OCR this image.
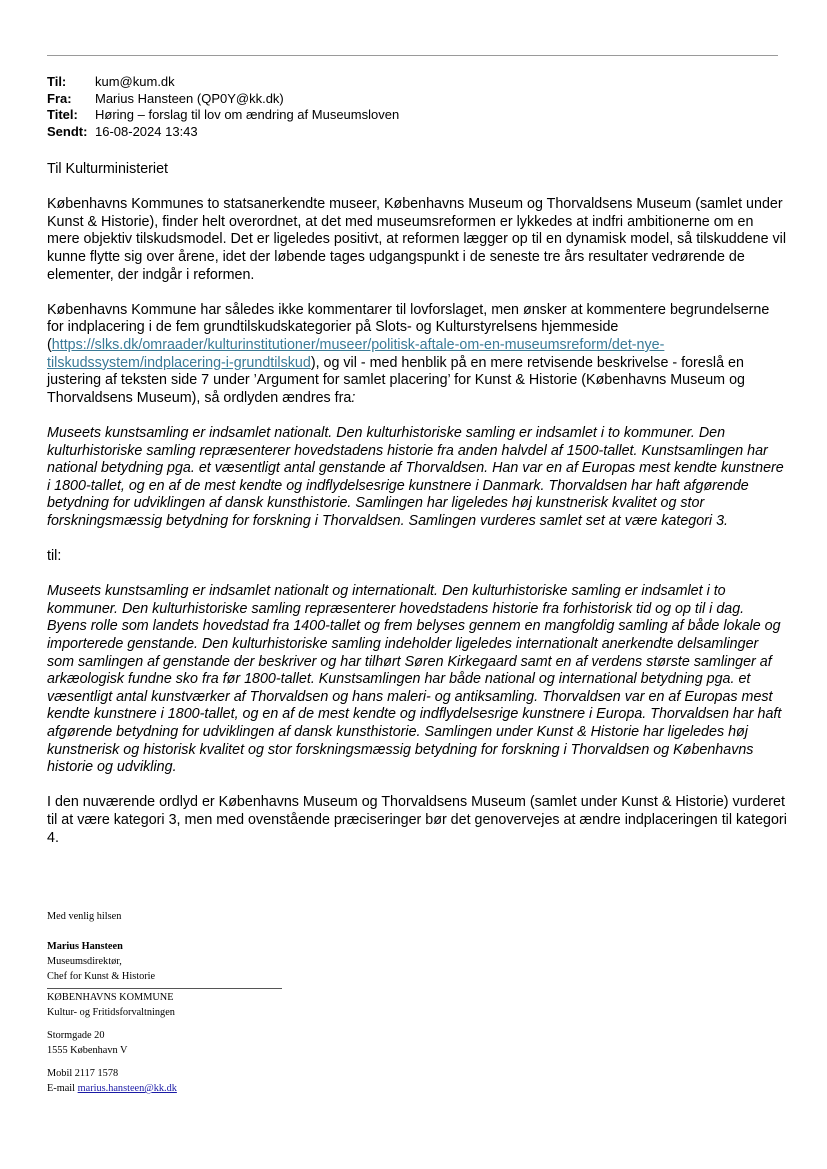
Til:	kum@kum.dk
Fra:	Marius Hansteen (QP0Y@kk.dk)
Titel:	Høring – forslag til lov om ændring af Museumsloven
Sendt: 16-08-2024 13:43

Til Kulturministeriet

Københavns Kommunes to statsanerkendte museer, Københavns Museum og Thorvaldsens Museum (samlet under Kunst & Historie), finder helt overordnet, at det med museumsreformen er lykkedes at indfri ambitionerne om en mere objektiv tilskudsmodel. Det er ligeledes positivt, at reformen lægger op til en dynamisk model, så tilskuddene vil kunne flytte sig over årene, idet der løbende tages udgangspunkt i de seneste tre års resultater vedrørende de elementer, der indgår i reformen.

Københavns Kommune har således ikke kommentarer til lovforslaget, men ønsker at kommentere begrundelserne for indplacering i de fem grundtilskudskategorier på Slots- og Kulturstyrelsens hjemmeside (https://slks.dk/omraader/kulturinstitutioner/museer/politisk-aftale-om-en-museumsreform/det-nye-tilskudssystem/indplacering-i-grundtilskud), og vil - med henblik på en mere retvisende beskrivelse - foreslå en justering af teksten side 7 under ’Argument for samlet placering’ for Kunst & Historie (Københavns Museum og Thorvaldsens Museum), så ordlyden ændres fra:

Museets kunstsamling er indsamlet nationalt. Den kulturhistoriske samling er indsamlet i to kommuner. Den kulturhistoriske samling repræsenterer hovedstadens historie fra anden halvdel af 1500-tallet. Kunstsamlingen har national betydning pga. et væsentligt antal genstande af Thorvaldsen. Han var en af Europas mest kendte kunstnere i 1800-tallet, og en af de mest kendte og indflydelsesrige kunstnere i Danmark. Thorvaldsen har haft afgørende betydning for udviklingen af dansk kunsthistorie. Samlingen har ligeledes høj kunstnerisk kvalitet og stor forskningsmæssig betydning for forskning i Thorvaldsen. Samlingen vurderes samlet set at være kategori 3.

til:

Museets kunstsamling er indsamlet nationalt og internationalt. Den kulturhistoriske samling er indsamlet i to kommuner. Den kulturhistoriske samling repræsenterer hovedstadens historie fra forhistorisk tid og op til i dag. Byens rolle som landets hovedstad fra 1400-tallet og frem belyses gennem en mangfoldig samling af både lokale og importerede genstande. Den kulturhistoriske samling indeholder ligeledes internationalt anerkendte delsamlinger som samlingen af genstande der beskriver og har tilhørt Søren Kirkegaard samt en af verdens største samlinger af arkæologisk fundne sko fra før 1800-tallet. Kunstsamlingen har både national og international betydning pga. et væsentligt antal kunstværker af Thorvaldsen og hans maleri- og antiksamling. Thorvaldsen var en af Europas mest kendte kunstnere i 1800-tallet, og en af de mest kendte og indflydelsesrige kunstnere i Europa. Thorvaldsen har haft afgørende betydning for udviklingen af dansk kunsthistorie. Samlingen under Kunst & Historie har ligeledes høj kunstnerisk og historisk kvalitet og stor forskningsmæssig betydning for forskning i Thorvaldsen og Københavns historie og udvikling.

I den nuværende ordlyd er Københavns Museum og Thorvaldsens Museum (samlet under Kunst & Historie) vurderet til at være kategori 3, men med ovenstående præciseringer bør det genovervejes at ændre indplaceringen til kategori 4.

Med venlig hilsen
Marius Hansteen
Museumsdirektør,
Chef for Kunst & Historie
KØBENHAVNS KOMMUNE
Kultur- og Fritidsforvaltningen
Stormgade 20
1555 København V
Mobil 2117 1578
E-mail marius.hansteen@kk.dk
